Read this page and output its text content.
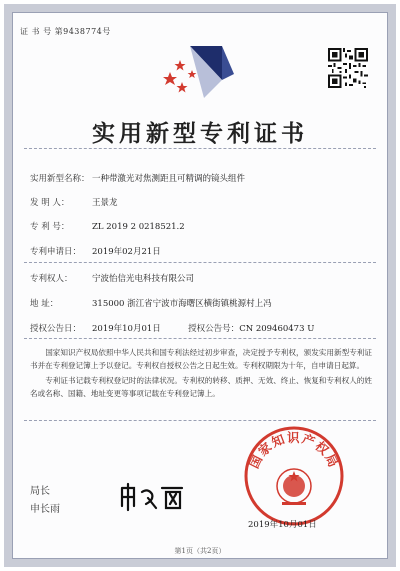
证 书 号 第9438774号
实用新型专利证书
实用新型名称： 一种带激光对焦测距且可精调的镜头组件
发 明 人：	王景龙
专 利 号：	ZL 2019 2 0218521.2
专利申请日： 2019年02月21日
专利权人： 宁波怡信光电科技有限公司
地 址：	315000 浙江省宁波市海曙区横街镇桃源村上冯
授权公告日： 2019年10月01日	授权公告号：CN 209460473 U

国家知识产权局依照中华人民共和国专利法经过初步审查，决定授予专利权，颁发实用新型专利证书并在专利登记簿上予以登记。专利权自授权公告之日起生效。专利权期限为十年，自申请日起算。

专利证书记载专利权登记时的法律状况。专利权的转移、质押、无效、终止、恢复和专利权人的姓名或名称、国籍、地址变更等事项记载在专利登记簿上。

国家知识产权局
局长
申长雨
2019年10月01日
第1页（共2页）
